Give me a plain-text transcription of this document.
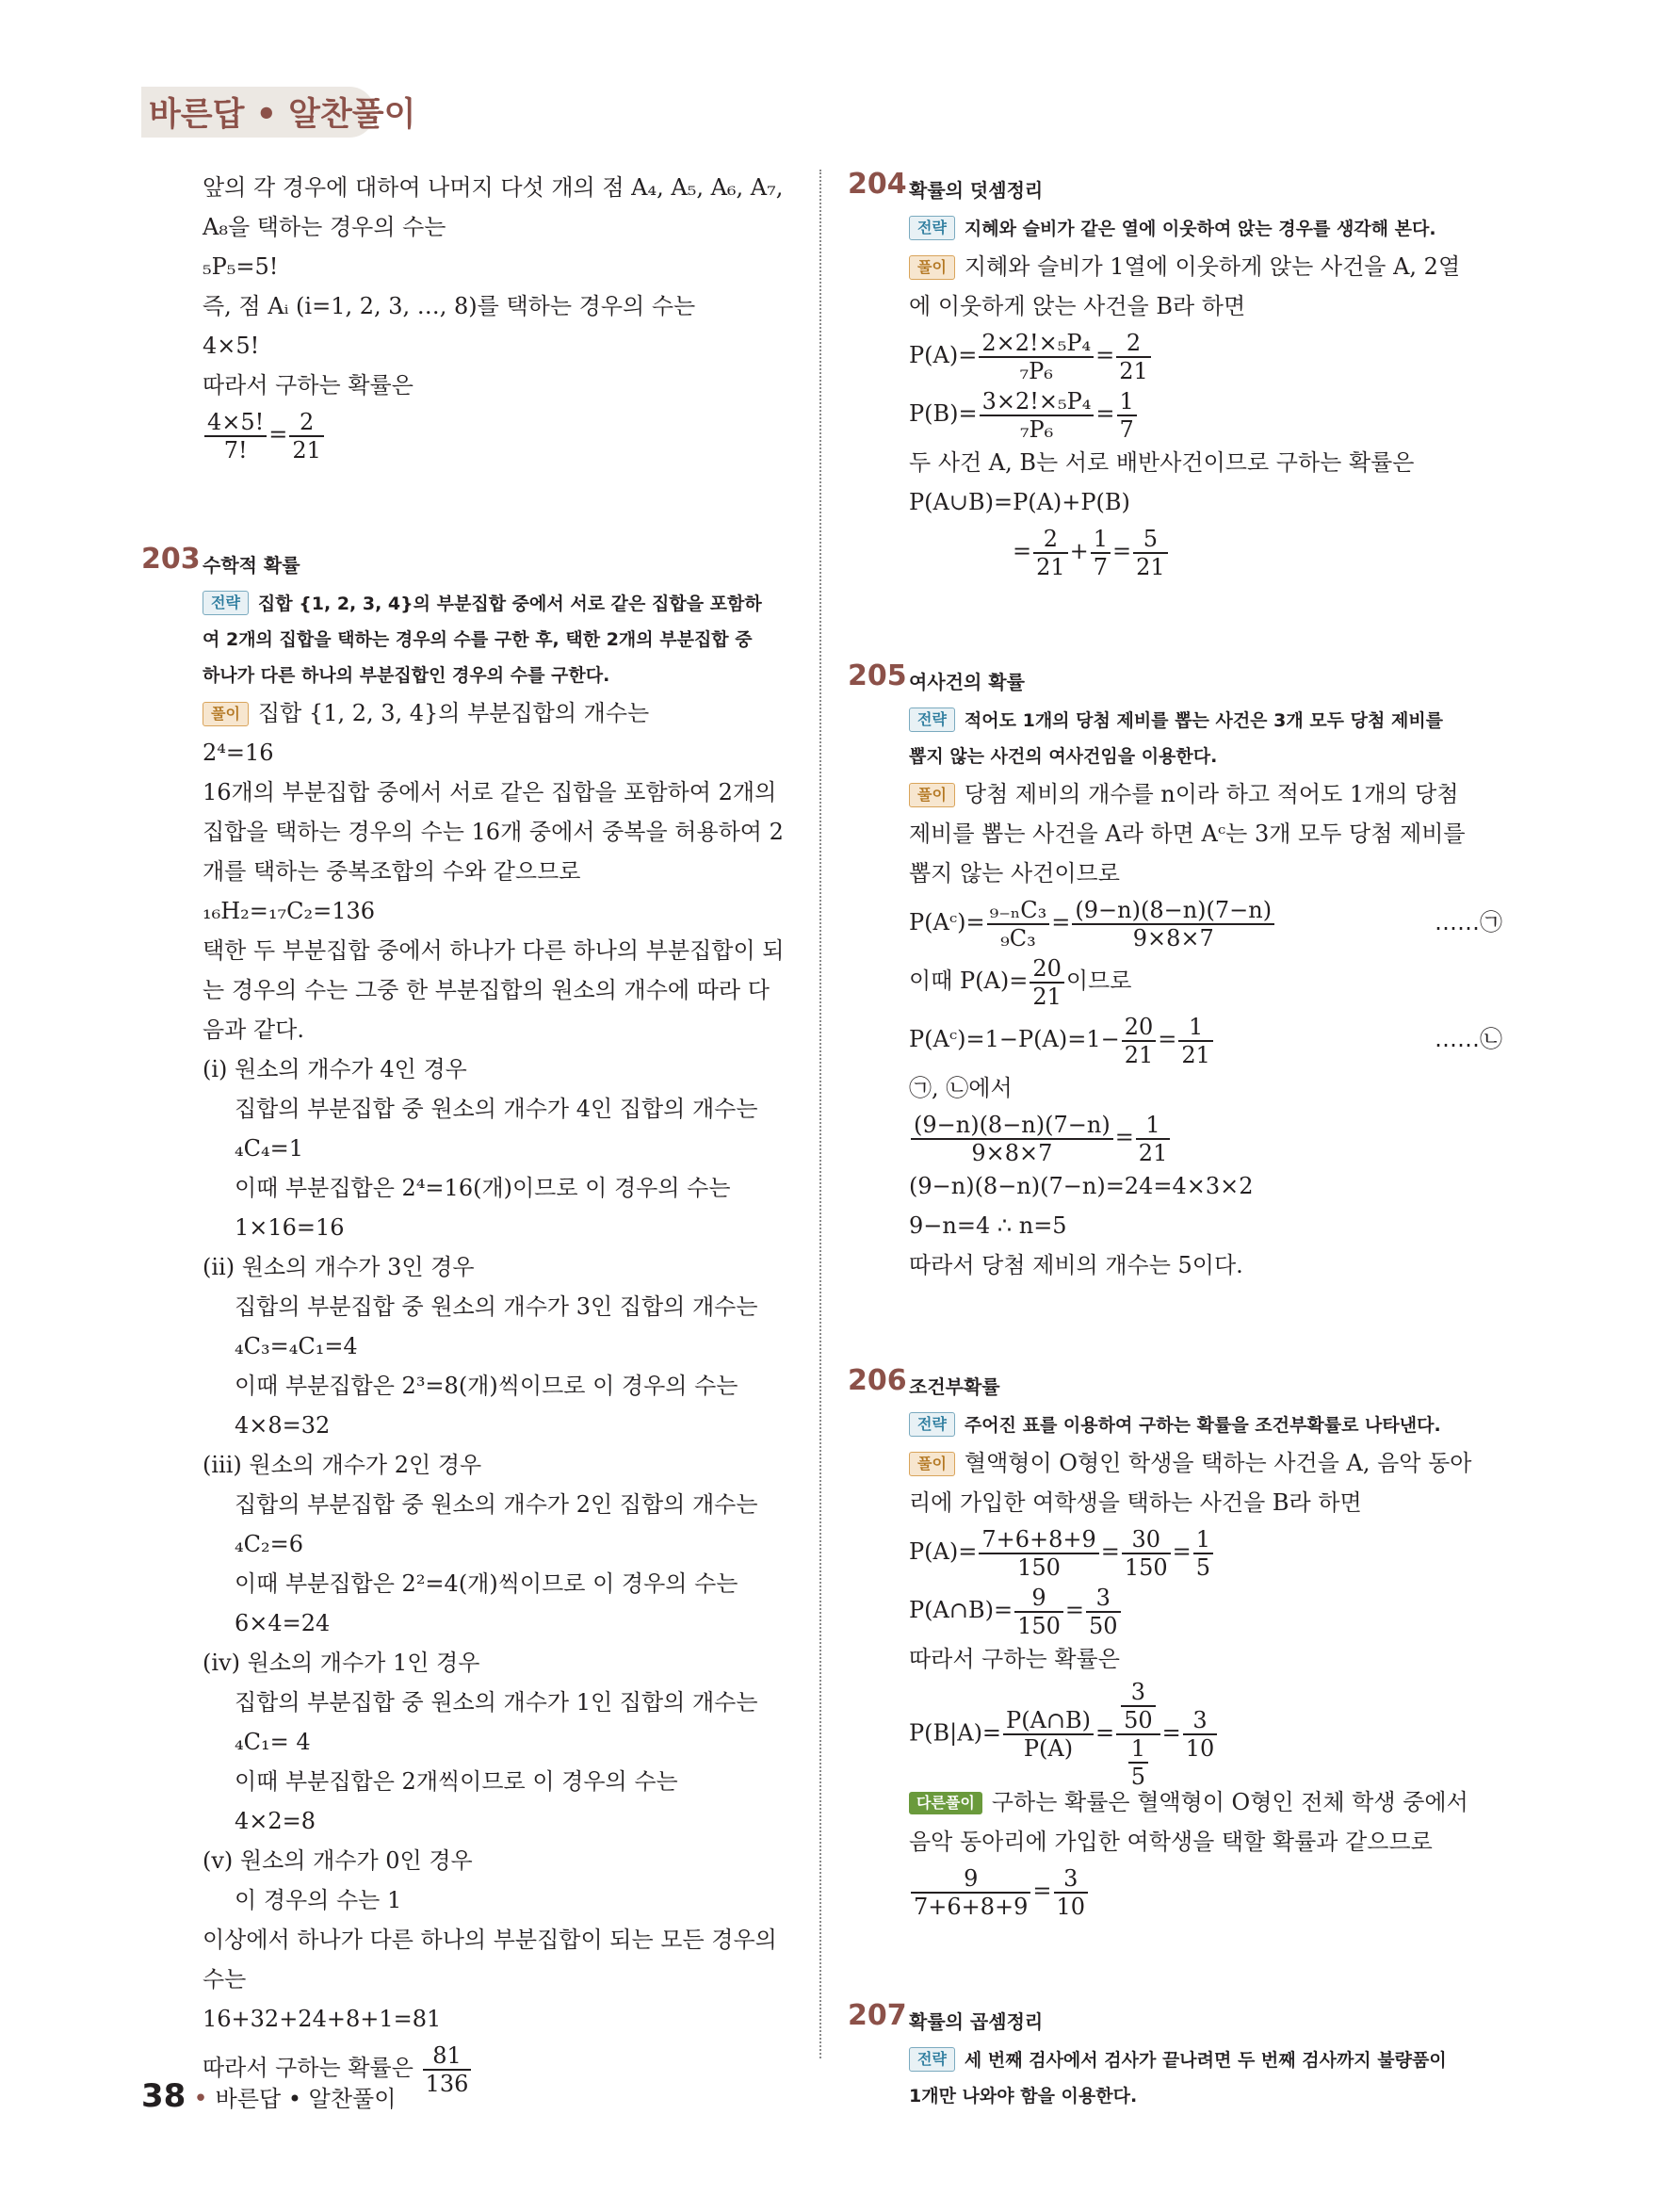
바른답 • 알찬풀이
앞의 각 경우에 대하여 나머지 다섯 개의 점 A₄, A₅, A₆, A₇,
A₈을 택하는 경우의 수는
₅P₅=5!
즉, 점 Aᵢ (i=1, 2, 3, …, 8)를 택하는 경우의 수는
4×5!
따라서 구하는 확률은
$\frac{4\times 5!}{7!} = \frac{2}{21}$
203 수학적 확률
전략 집합 {1, 2, 3, 4}의 부분집합 중에서 서로 같은 집합을 포함하
여 2개의 집합을 택하는 경우의 수를 구한 후, 택한 2개의 부분집합 중
하나가 다른 하나의 부분집합인 경우의 수를 구한다.
풀이 집합 {1, 2, 3, 4}의 부분집합의 개수는
2⁴=16
16개의 부분집합 중에서 서로 같은 집합을 포함하여 2개의
집합을 택하는 경우의 수는 16개 중에서 중복을 허용하여 2
개를 택하는 중복조합의 수와 같으므로
₁₆H₂=₁₇C₂=136
택한 두 부분집합 중에서 하나가 다른 하나의 부분집합이 되
는 경우의 수는 그중 한 부분집합의 원소의 개수에 따라 다
음과 같다.
(ⅰ) 원소의 개수가 4인 경우
집합의 부분집합 중 원소의 개수가 4인 집합의 개수는
₄C₄=1
이때 부분집합은 2⁴=16(개)이므로 이 경우의 수는
1×16=16
(ⅱ) 원소의 개수가 3인 경우
집합의 부분집합 중 원소의 개수가 3인 집합의 개수는
₄C₃=₄C₁=4
이때 부분집합은 2³=8(개)씩이므로 이 경우의 수는
4×8=32
(ⅲ) 원소의 개수가 2인 경우
집합의 부분집합 중 원소의 개수가 2인 집합의 개수는
₄C₂=6
이때 부분집합은 2²=4(개)씩이므로 이 경우의 수는
6×4=24
(ⅳ) 원소의 개수가 1인 경우
집합의 부분집합 중 원소의 개수가 1인 집합의 개수는
₄C₁= 4
이때 부분집합은 2개씩이므로 이 경우의 수는
4×2=8
(ⅴ) 원소의 개수가 0인 경우
이 경우의 수는 1
이상에서 하나가 다른 하나의 부분집합이 되는 모든 경우의
수는
16+32+24+8+1=81
따라서 구하는 확률은 $\frac{81}{136}$
204 확률의 덧셈정리
전략 지혜와 슬비가 같은 열에 이웃하여 앉는 경우를 생각해 본다.
풀이 지혜와 슬비가 1열에 이웃하게 앉는 사건을 A, 2열
에 이웃하게 앉는 사건을 B라 하면
$P(A)= \frac{\text{2×2!×₅P₄}}{\text{₇P₆}} = \frac{2}{21}$
$P(B)= \frac{\text{3×2!×₅P₄}}{\text{₇P₆}} = \frac{1}{7}$
두 사건 A, B는 서로 배반사건이므로 구하는 확률은
P(A∪B)=P(A)+P(B)
= $\frac{2}{21} + \frac{1}{7} = \frac{5}{21}$
205 여사건의 확률
전략 적어도 1개의 당첨 제비를 뽑는 사건은 3개 모두 당첨 제비를
뽑지 않는 사건의 여사건임을 이용한다.
풀이 당첨 제비의 개수를 n이라 하고 적어도 1개의 당첨
제비를 뽑는 사건을 A라 하면 Aᶜ는 3개 모두 당첨 제비를
뽑지 않는 사건이므로
P(Aᶜ)= $\frac{\text{₉₋ₙC₃}}{\text{₉C₃}} = \frac{(9-n)(8-n)(7-n)}{9\times 8\times 7}$	……㉠
이때 $P(A)= \frac{20}{21}$ 이므로
P(Aᶜ)=1−P(A)=1− $\frac{20}{21} = \frac{1}{21}$	……㉡
㉠, ㉡에서
$\frac{(9-n)(8-n)(7-n)}{9\times 8\times 7} = \frac{1}{21}$
(9−n)(8−n)(7−n)=24=4×3×2
9−n=4 ∴ n=5
따라서 당첨 제비의 개수는 5이다.
206 조건부확률
전략 주어진 표를 이용하여 구하는 확률을 조건부확률로 나타낸다.
풀이 혈액형이 O형인 학생을 택하는 사건을 A, 음악 동아
리에 가입한 여학생을 택하는 사건을 B라 하면
$P(A)= \frac{7+6+8+9}{150} = \frac{30}{150} = \frac{1}{5}$
P(A∩B)= $\frac{9}{150} = \frac{3}{50}$
따라서 구하는 확률은
$P(B|A)= \frac{P(A\cap B)}{P(A)} = \frac{\frac{3}{50}}{\frac{1}{5}} = \frac{3}{10}$
다른풀이 구하는 확률은 혈액형이 O형인 전체 학생 중에서
음악 동아리에 가입한 여학생을 택할 확률과 같으므로
$\frac{9}{7+6+8+9} = \frac{3}{10}$
207 확률의 곱셈정리
전략 세 번째 검사에서 검사가 끝나려면 두 번째 검사까지 불량품이
1개만 나와야 함을 이용한다.
38 • 바른답 • 알찬풀이
